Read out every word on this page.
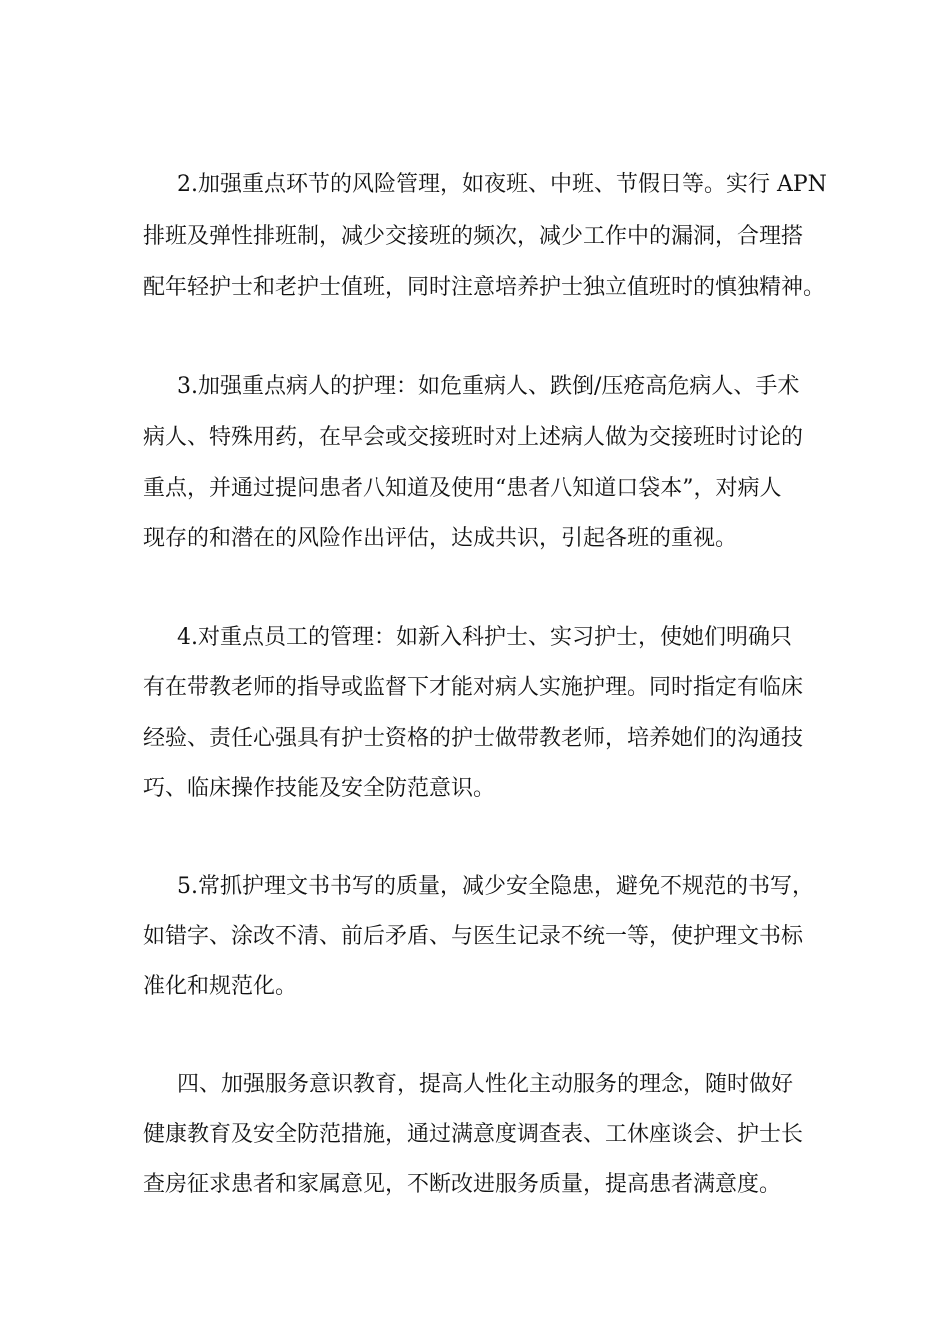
2.加强重点环节的风险管理，如夜班、中班、节假日等。实行 APN

排班及弹性排班制，减少交接班的频次，减少工作中的漏洞，合理搭

配年轻护士和老护士值班，同时注意培养护士独立值班时的慎独精神。

3.加强重点病人的护理：如危重病人、跌倒/压疮高危病人、手术

病人、特殊用药，在早会或交接班时对上述病人做为交接班时讨论的

重点，并通过提问患者八知道及使用“患者八知道口袋本”，对病人

现存的和潜在的风险作出评估，达成共识，引起各班的重视。

4.对重点员工的管理：如新入科护士、实习护士，使她们明确只

有在带教老师的指导或监督下才能对病人实施护理。同时指定有临床

经验、责任心强具有护士资格的护士做带教老师，培养她们的沟通技

巧、临床操作技能及安全防范意识。

5.常抓护理文书书写的质量，减少安全隐患，避免不规范的书写，

如错字、涂改不清、前后矛盾、与医生记录不统一等，使护理文书标

准化和规范化。

四、加强服务意识教育，提高人性化主动服务的理念，随时做好

健康教育及安全防范措施，通过满意度调查表、工休座谈会、护士长

查房征求患者和家属意见，不断改进服务质量，提高患者满意度。
